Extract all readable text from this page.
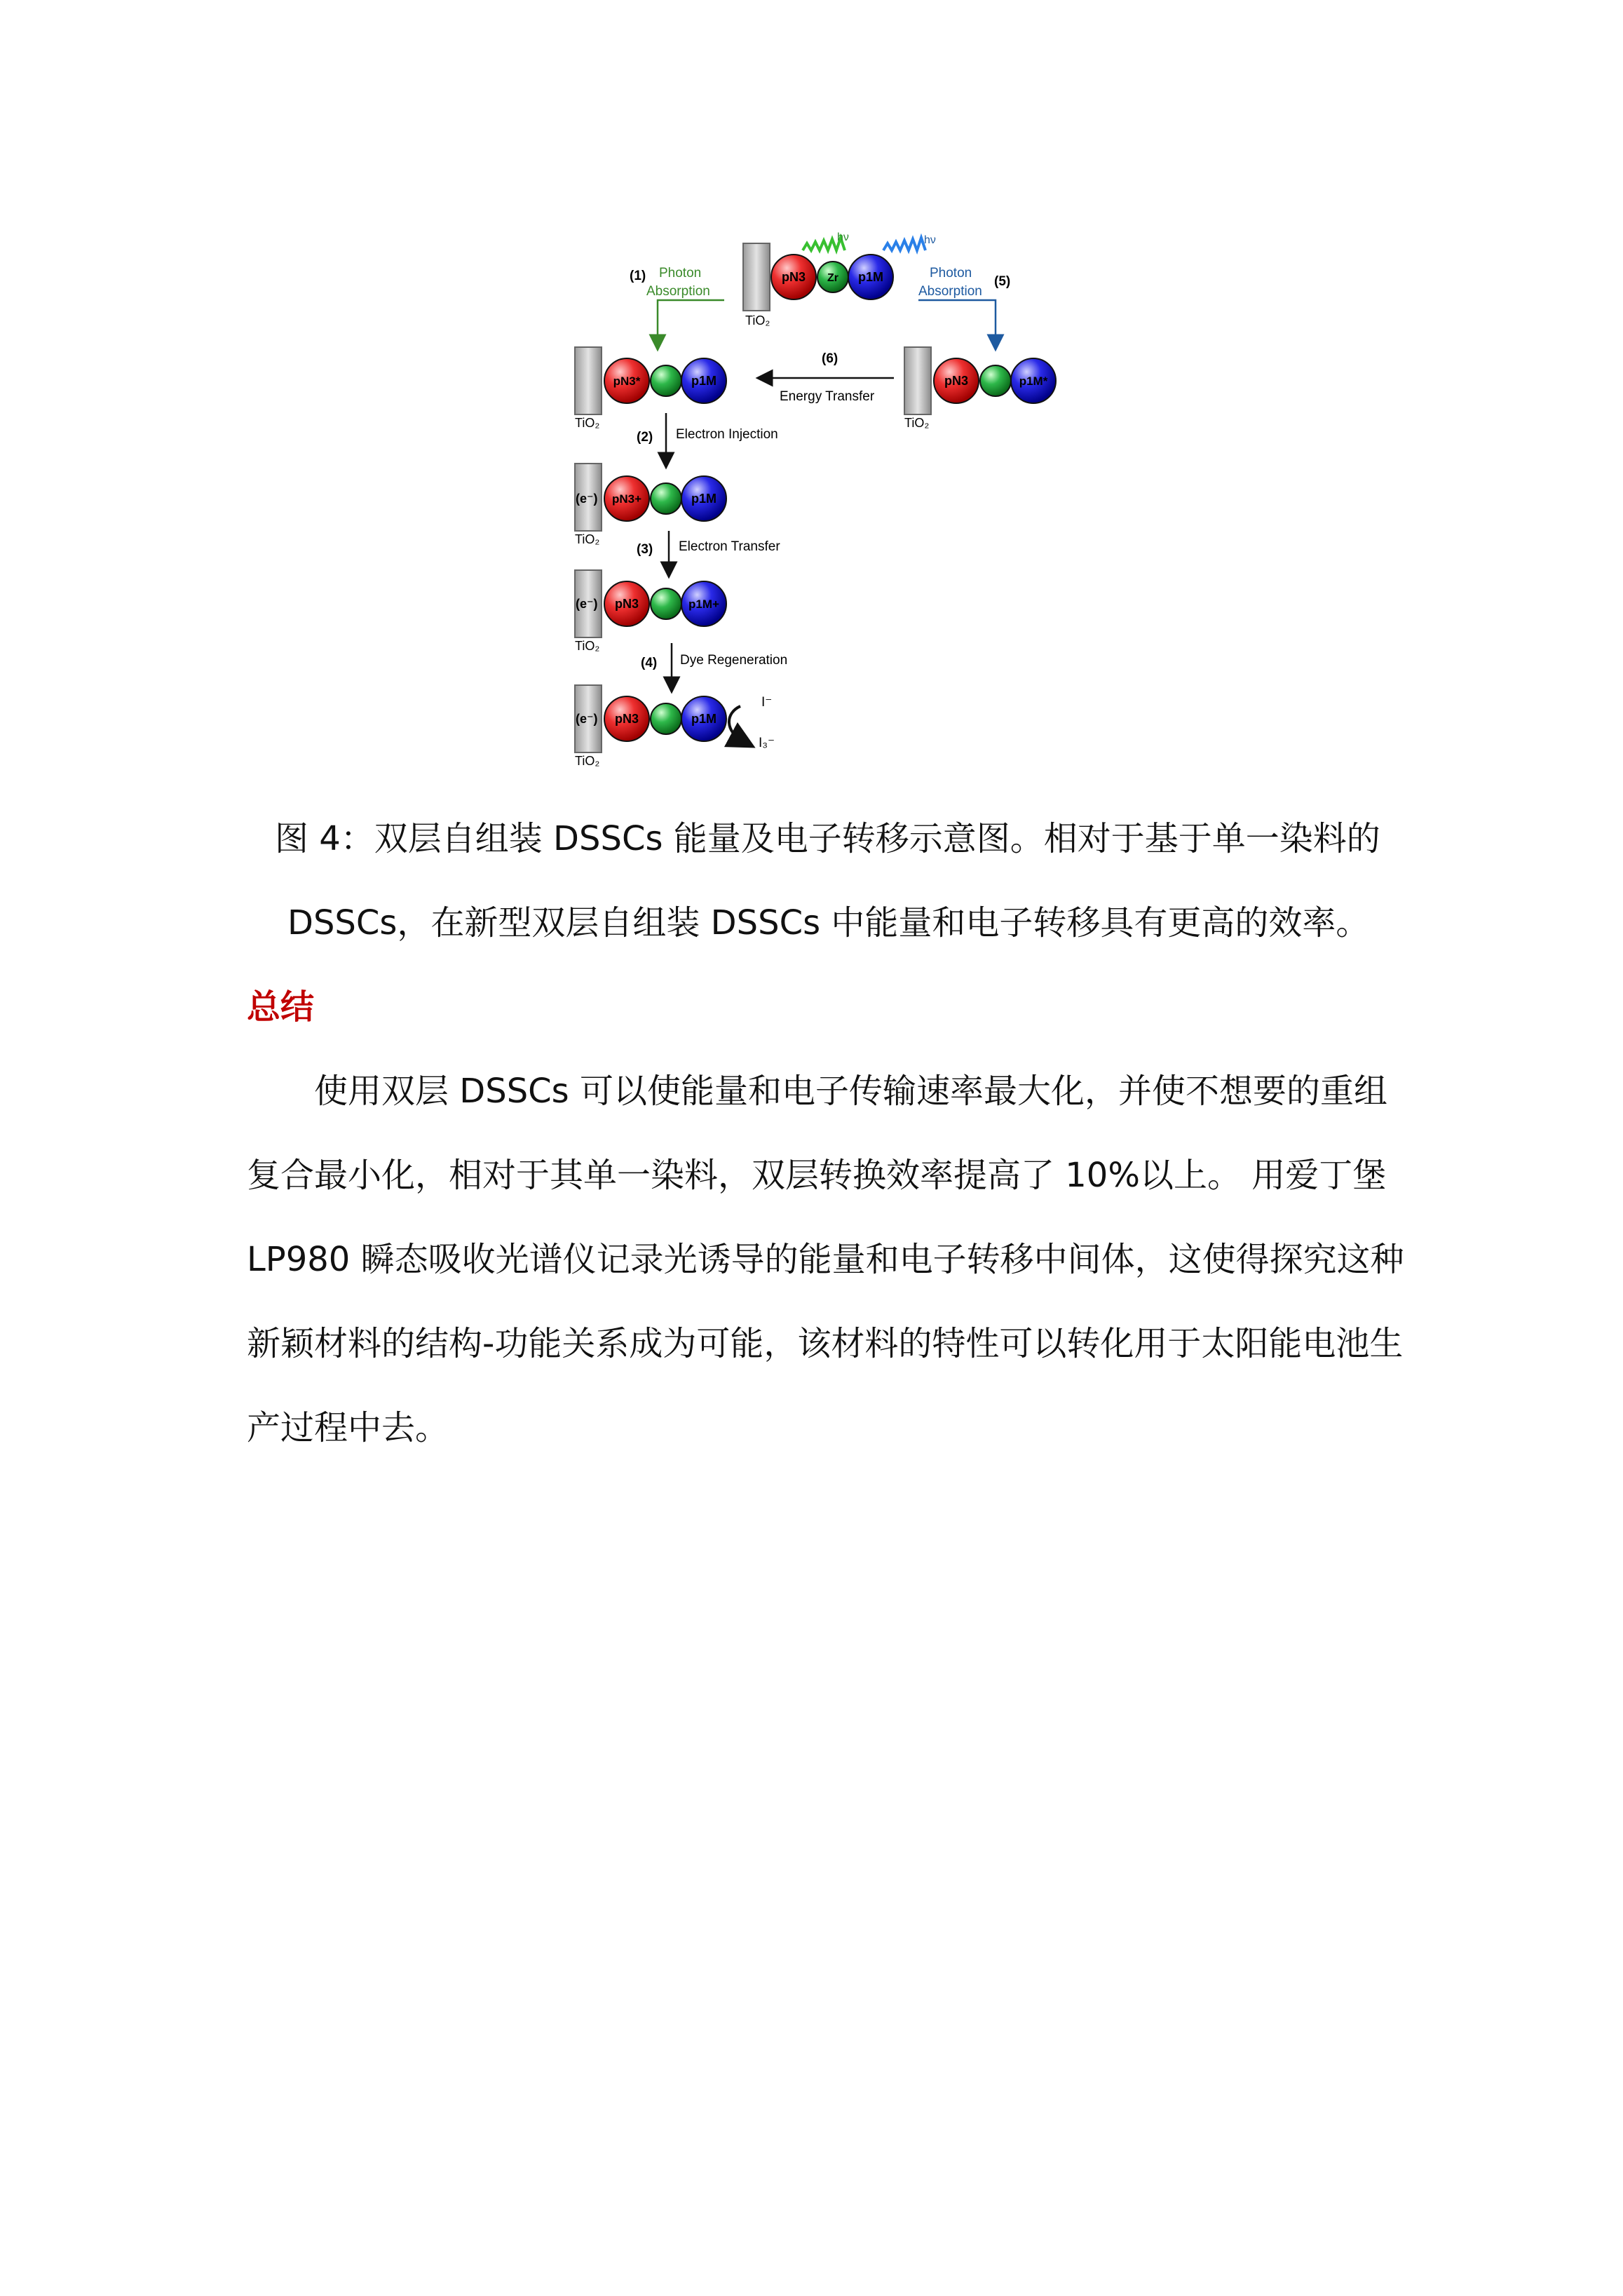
TiO₂
pN3 Zr p1M
hν	hν
(1) Photon
Absorption
Photon
Absorption
(5)
TiO₂
pN3*	p1M
(6)
Energy Transfer
TiO₂
pN3	p1M*
(2) Electron Injection
(e⁻)
TiO₂
pN3+	p1M
(3) Electron Transfer
(e⁻)
TiO₂
pN3	p1M+
(4) Dye Regeneration
(e⁻)
TiO₂
pN3	p1M
I⁻
I₃⁻
图 4：双层自组装 DSSCs 能量及电子转移示意图。相对于基于单一染料的
DSSCs，在新型双层自组装 DSSCs 中能量和电子转移具有更高的效率。
总结
使用双层 DSSCs 可以使能量和电子传输速率最大化，并使不想要的重组
复合最小化，相对于其单一染料，双层转换效率提高了 10%以上。 用爱丁堡
LP980 瞬态吸收光谱仪记录光诱导的能量和电子转移中间体，这使得探究这种
新颖材料的结构-功能关系成为可能，该材料的特性可以转化用于太阳能电池生
产过程中去。
